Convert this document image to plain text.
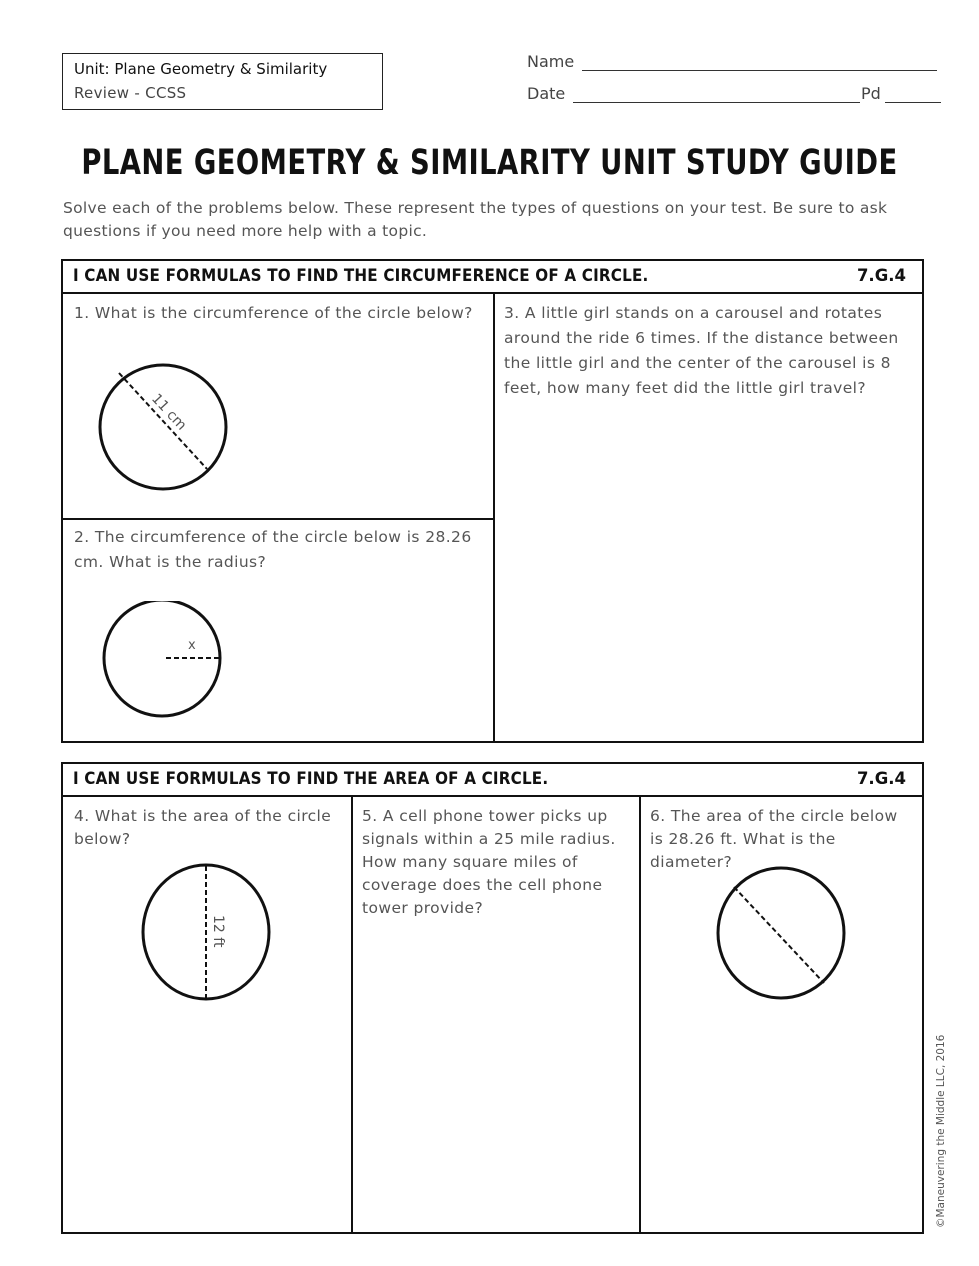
Unit: Plane Geometry & Similarity
Review - CCSS
Name
Date	Pd
PLANE GEOMETRY & SIMILARITY UNIT STUDY GUIDE
Solve each of the problems below. These represent the types of questions on your test. Be sure to ask questions if you need more help with a topic.
I CAN USE FORMULAS TO FIND THE CIRCUMFERENCE OF A CIRCLE.	7.G.4
1. What is the circumference of the circle below?
11 cm
2. The circumference of the circle below is 28.26 cm. What is the radius?
x
3. A little girl stands on a carousel and rotates around the ride 6 times. If the distance between the little girl and the center of the carousel is 8 feet, how many feet did the little girl travel?
I CAN USE FORMULAS TO FIND THE AREA OF A CIRCLE.	7.G.4
4. What is the area of the circle below?
12 ft
5. A cell phone tower picks up signals within a 25 mile radius. How many square miles of coverage does the cell phone tower provide?
6. The area of the circle below is 28.26 ft. What is the diameter?
©Maneuvering the Middle LLC, 2016
